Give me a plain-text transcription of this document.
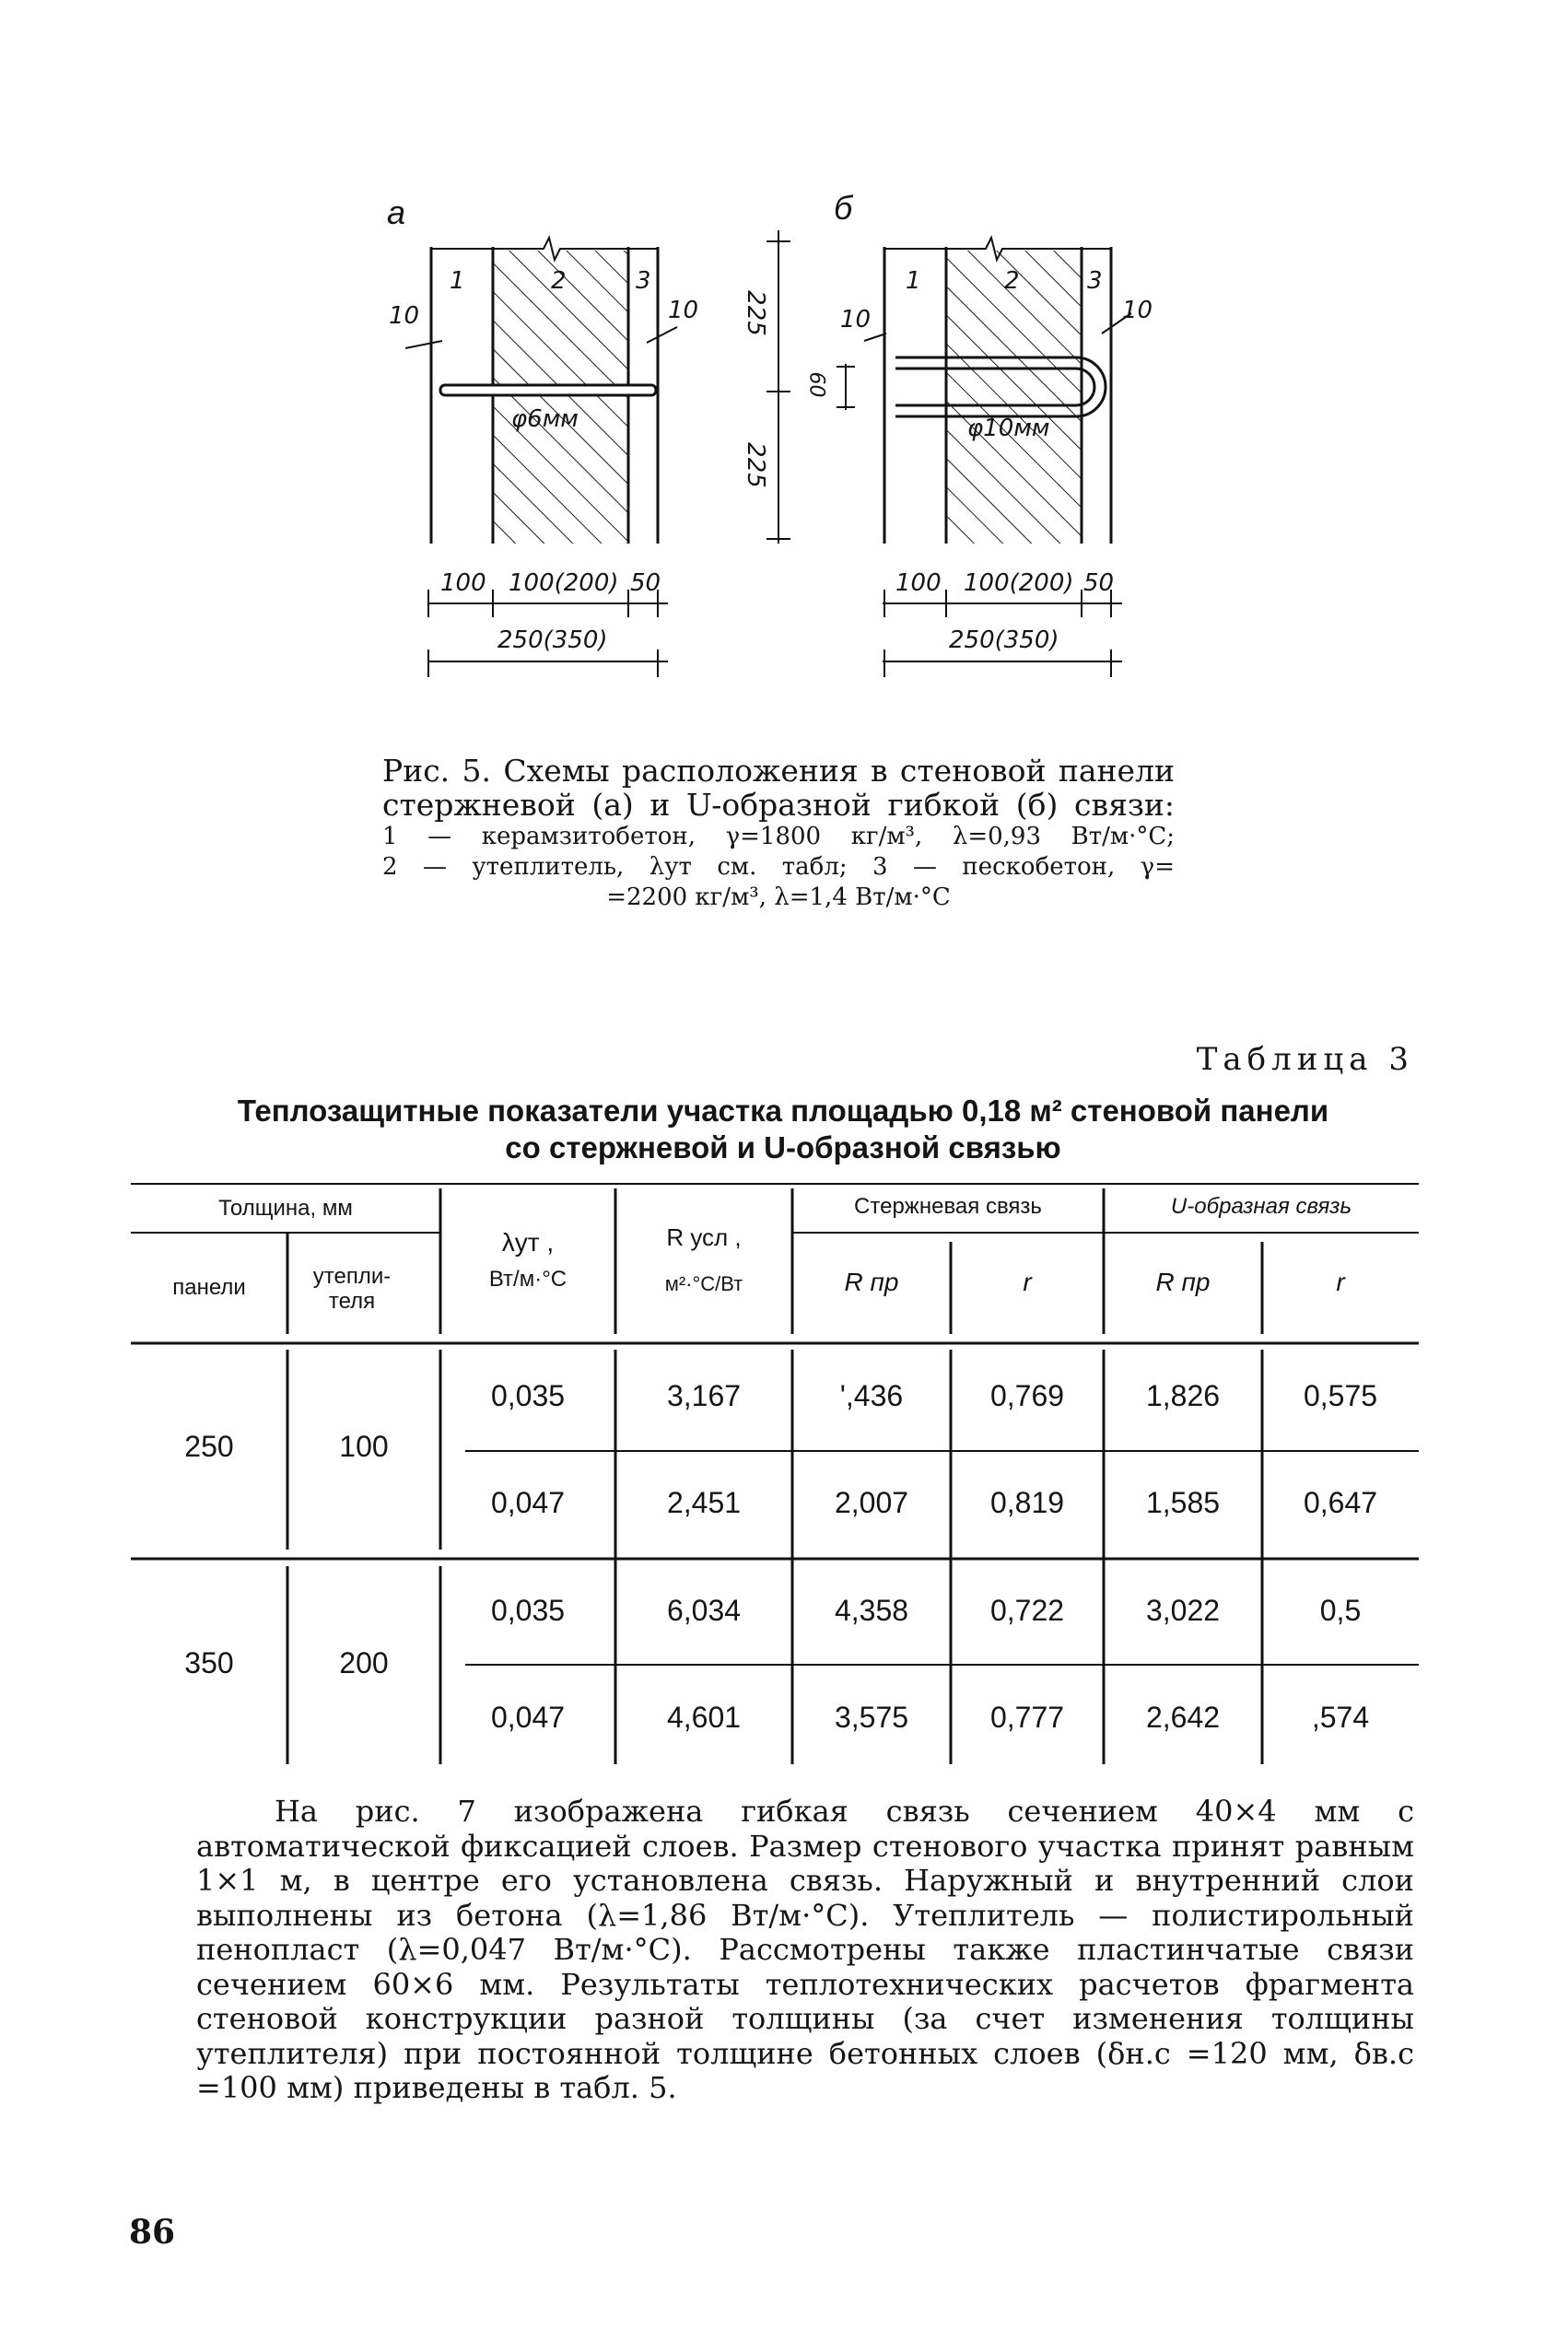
а
1	2	3
10	10
φ6мм
100 100(200) 50
250(350)
225
225
60
б
1	2	3
10	10
φ10мм
100 100(200) 50
250(350)
Рис. 5. Схемы расположения в стеновой панели
стержневой (а) и U-образной гибкой (б) связи:
1 — керамзитобетон, γ=1800 кг/м³, λ=0,93 Вт/м·°С;
2 — утеплитель, λут см. табл; 3 — пескобетон, γ=
=2200 кг/м³, λ=1,4 Вт/м·°С
Таблица 3
Теплозащитные показатели участка площадью 0,18 м² стеновой панели
со стержневой и U-образной связью
Толщина, мм
панели	утепли-теля
λут ,
Вт/м·°С
R усл ,
м²·°С/Вт
Стержневая связь	U-образная связь
R пр	r	R пр	r
250	100
0,035	3,167	',436	0,769	1,826	0,575
0,047	2,451	2,007	0,819	1,585	0,647
350	200
0,035	6,034	4,358	0,722	3,022	0,5
0,047	4,601	3,575	0,777	2,642	,574

На рис. 7 изображена гибкая связь сечением 40×4 мм с автоматической фиксацией слоев. Размер стенового участка принят равным 1×1 м, в центре его установлена связь. Наружный и внутренний слои выполнены из бетона (λ=1,86 Вт/м·°С). Утеплитель — полистирольный пенопласт (λ=0,047 Вт/м·°С). Рассмотрены также пластинчатые связи сечением 60×6 мм. Результаты теплотехнических расчетов фрагмента стеновой конструкции разной толщины (за счет изменения толщины утеплителя) при постоянной толщине бетонных слоев (δн.с =120 мм, δв.с =100 мм) приведены в табл. 5.

86
